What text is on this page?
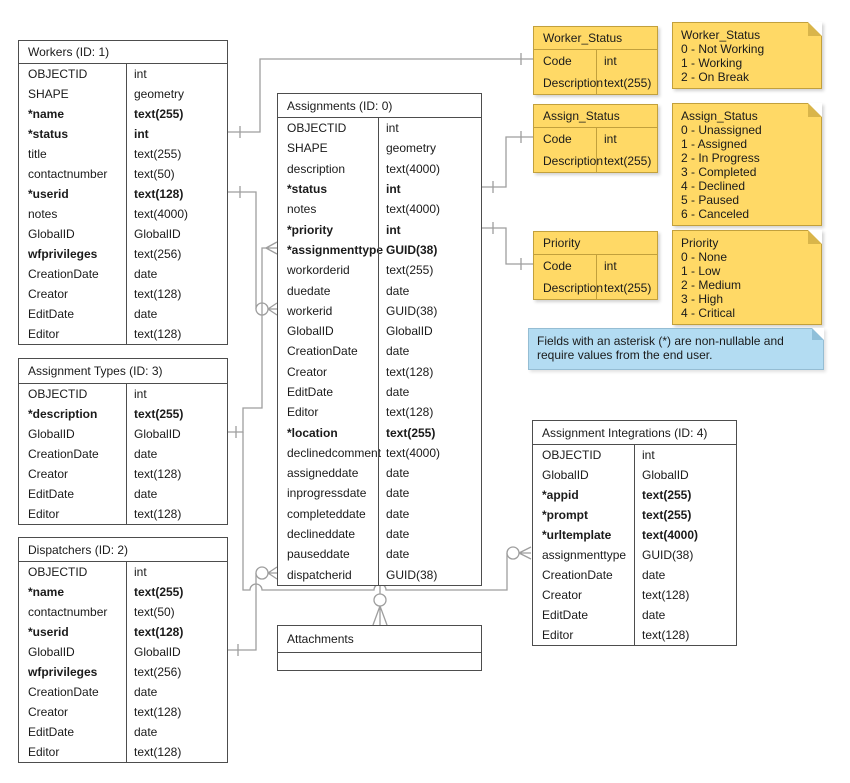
Workers (ID: 1)
OBJECTID	int
SHAPE	geometry
*name	text(255)
*status	int
title	text(255)
contactnumber	text(50)
*userid	text(128)
notes	text(4000)
GlobalID	GlobalID
wfprivileges	text(256)
CreationDate	date
Creator	text(128)
EditDate	date
Editor	text(128)
Assignment Types (ID: 3)
OBJECTID	int
*description	text(255)
GlobalID	GlobalID
CreationDate	date
Creator	text(128)
EditDate	date
Editor	text(128)
Dispatchers (ID: 2)
OBJECTID	int
*name	text(255)
contactnumber	text(50)
*userid	text(128)
GlobalID	GlobalID
wfprivileges	text(256)
CreationDate	date
Creator	text(128)
EditDate	date
Editor	text(128)
Assignments (ID: 0)
OBJECTID	int
SHAPE	geometry
description	text(4000)
*status	int
notes	text(4000)
*priority	int
*assignmenttype GUID(38)
workorderid	text(255)
duedate	date
workerid	GUID(38)
GlobalID	GlobalID
CreationDate	date
Creator	text(128)
EditDate	date
Editor	text(128)
*location	text(255)
declinedcomment text(4000)
assigneddate	date
inprogressdate	date
completeddate	date
declineddate	date
pauseddate	date
dispatcherid	GUID(38)
Attachments
Assignment Integrations (ID: 4)
OBJECTID	int
GlobalID	GlobalID
*appid	text(255)
*prompt	text(255)
*urltemplate	text(4000)
assignmenttype	GUID(38)
CreationDate	date
Creator	text(128)
EditDate	date
Editor	text(128)
Worker_Status
Code	int
Description text(255)
Assign_Status
Code	int
Description text(255)
Priority
Code	int
Description text(255)
Worker_Status
0 - Not Working
1 - Working
2 - On Break
Assign_Status
0 - Unassigned
1 - Assigned
2 - In Progress
3 - Completed
4 - Declined
5 - Paused
6 - Canceled
Priority
0 - None
1 - Low
2 - Medium
3 - High
4 - Critical
Fields with an asterisk (*) are non-nullable and require values from the end user.
